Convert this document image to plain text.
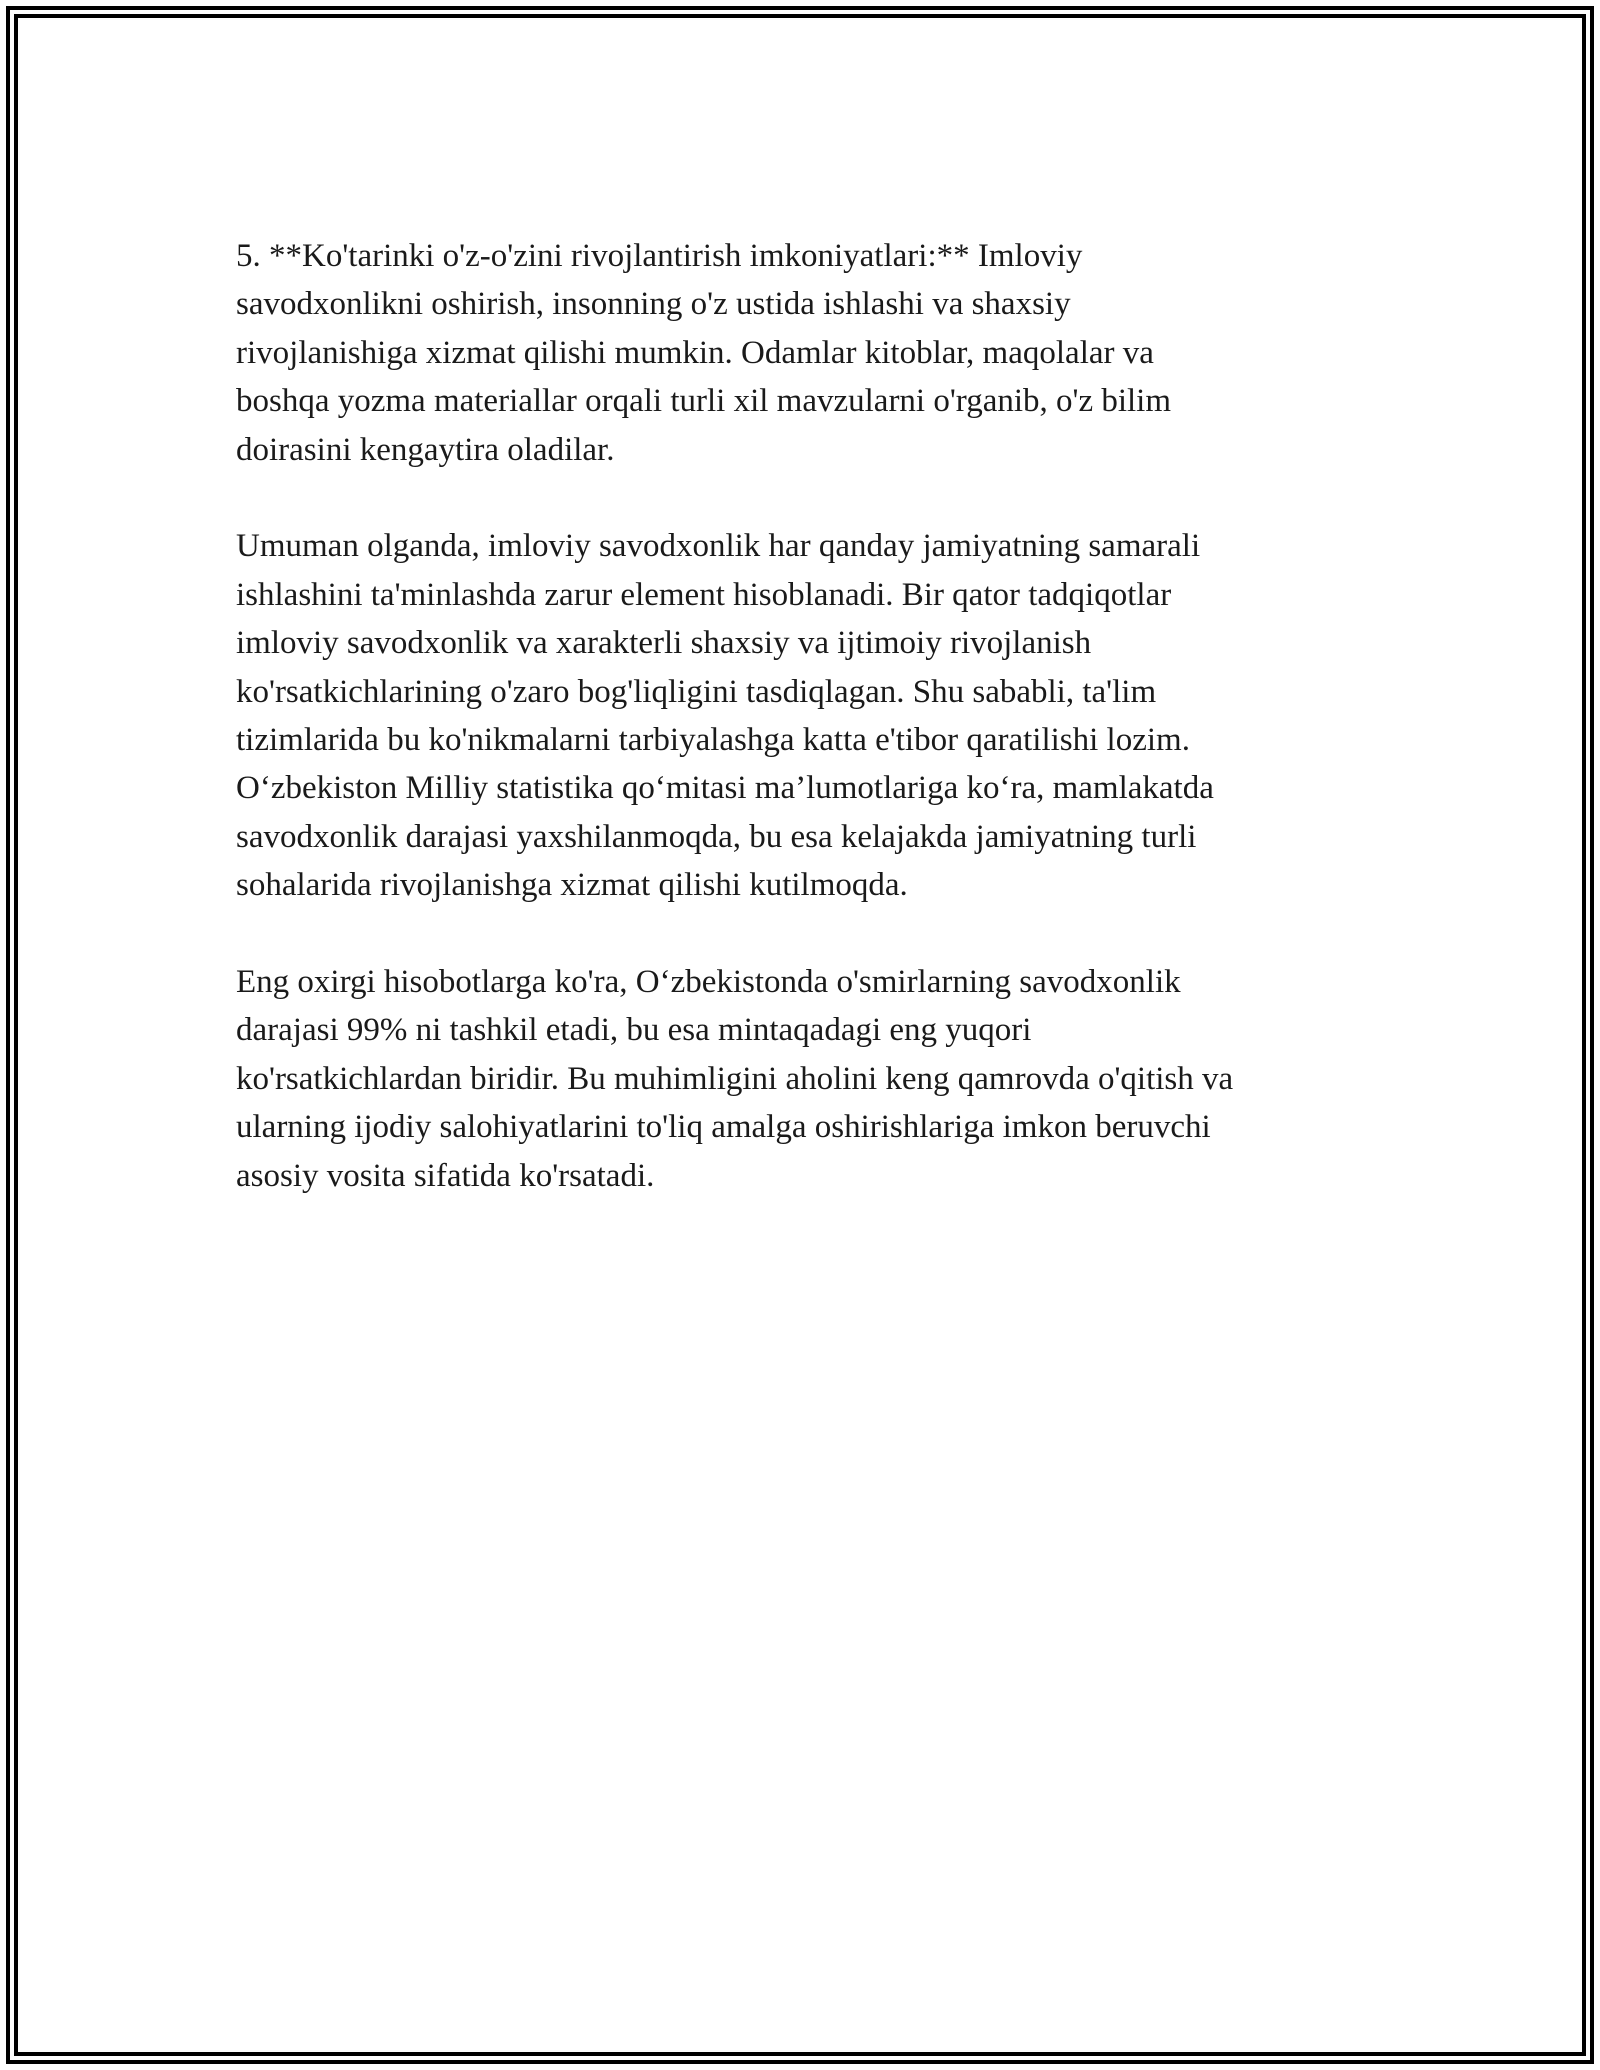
5. **Ko'tarinki o'z-o'zini rivojlantirish imkoniyatlari:** Imloviy
savodxonlikni oshirish, insonning o'z ustida ishlashi va shaxsiy
rivojlanishiga xizmat qilishi mumkin. Odamlar kitoblar, maqolalar va
boshqa yozma materiallar orqali turli xil mavzularni o'rganib, o'z bilim
doirasini kengaytira oladilar.

Umuman olganda, imloviy savodxonlik har qanday jamiyatning samarali
ishlashini ta'minlashda zarur element hisoblanadi. Bir qator tadqiqotlar
imloviy savodxonlik va xarakterli shaxsiy va ijtimoiy rivojlanish
ko'rsatkichlarining o'zaro bog'liqligini tasdiqlagan. Shu sababli, ta'lim
tizimlarida bu ko'nikmalarni tarbiyalashga katta e'tibor qaratilishi lozim.
O‘zbekiston Milliy statistika qo‘mitasi ma’lumotlariga ko‘ra, mamlakatda
savodxonlik darajasi yaxshilanmoqda, bu esa kelajakda jamiyatning turli
sohalarida rivojlanishga xizmat qilishi kutilmoqda.

Eng oxirgi hisobotlarga ko'ra, O‘zbekistonda o'smirlarning savodxonlik
darajasi 99% ni tashkil etadi, bu esa mintaqadagi eng yuqori
ko'rsatkichlardan biridir. Bu muhimligini aholini keng qamrovda o'qitish va
ularning ijodiy salohiyatlarini to'liq amalga oshirishlariga imkon beruvchi
asosiy vosita sifatida ko'rsatadi.
